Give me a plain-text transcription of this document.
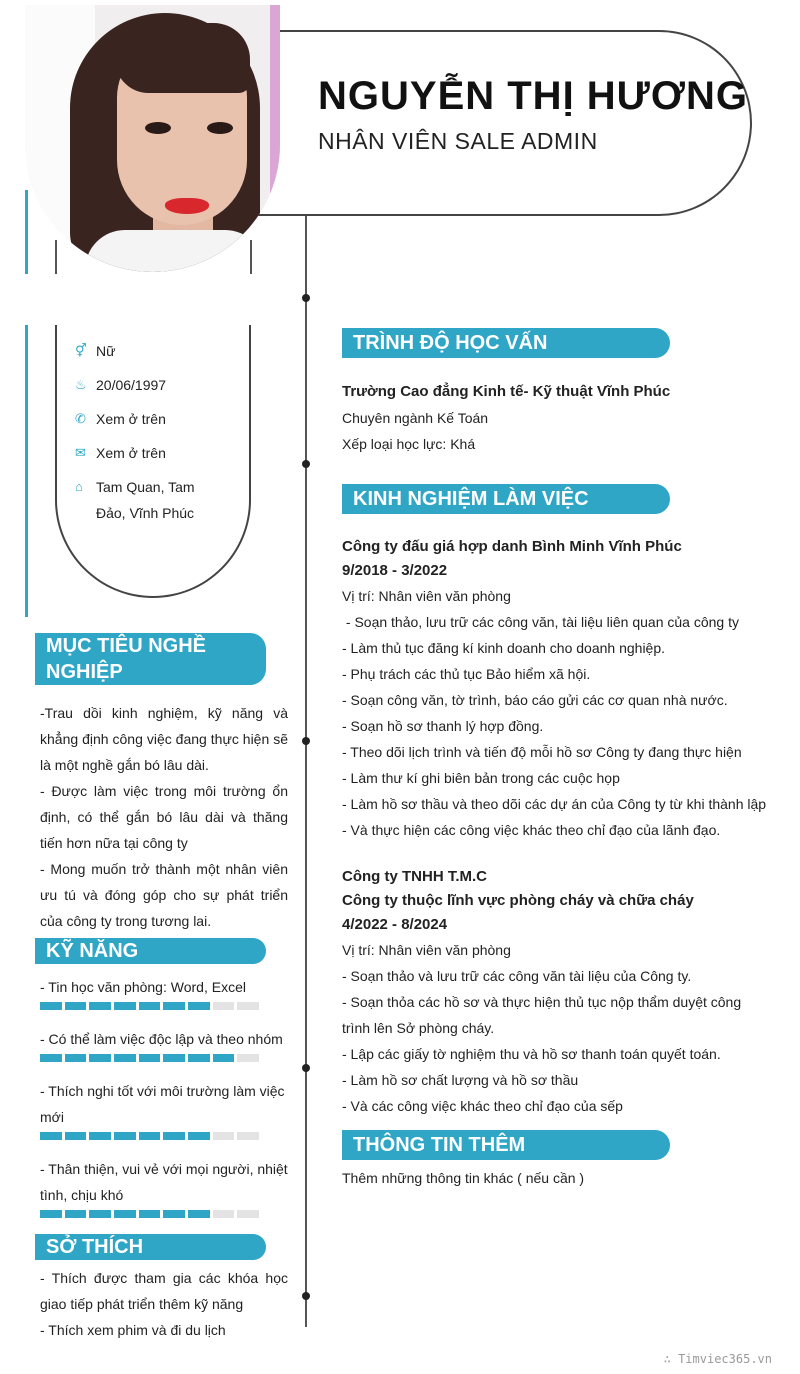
NGUYỄN THỊ HƯƠNG
NHÂN VIÊN SALE ADMIN
⚥ Nữ
♨ 20/06/1997
✆ Xem ở trên
✉ Xem ở trên
⌂ Tam Quan, Tam Đảo, Vĩnh Phúc
MỤC TIÊU NGHỀ NGHIỆP
-Trau dồi kinh nghiệm, kỹ năng và khẳng định công việc đang thực hiện sẽ là một nghề gắn bó lâu dài.
- Được làm việc trong môi trường ổn định, có thể gắn bó lâu dài và thăng tiến hơn nữa tại công ty
- Mong muốn trở thành một nhân viên ưu tú và đóng góp cho sự phát triển của công ty trong tương lai.
KỸ NĂNG
- Tin học văn phòng: Word, Excel
- Có thể làm việc độc lập và theo nhóm
- Thích nghi tốt với môi trường làm việc mới
- Thân thiện, vui vẻ với mọi người, nhiệt tình, chịu khó
SỞ THÍCH
- Thích được tham gia các khóa học giao tiếp phát triển thêm kỹ năng
- Thích xem phim và đi du lịch
TRÌNH ĐỘ HỌC VẤN
Trường Cao đẳng Kinh tế- Kỹ thuật Vĩnh Phúc
Chuyên ngành Kế Toán
Xếp loại học lực: Khá
KINH NGHIỆM LÀM VIỆC
Công ty đấu giá hợp danh Bình Minh Vĩnh Phúc
9/2018 - 3/2022
Vị trí: Nhân viên văn phòng
- Soạn thảo, lưu trữ các công văn, tài liệu liên quan của công ty
- Làm thủ tục đăng kí kinh doanh cho doanh nghiệp.
- Phụ trách các thủ tục Bảo hiểm xã hội.
- Soạn công văn, tờ trình, báo cáo gửi các cơ quan nhà nước.
- Soạn hồ sơ thanh lý hợp đồng.
- Theo dõi lịch trình và tiến độ mỗi hồ sơ Công ty đang thực hiện
- Làm thư kí ghi biên bản trong các cuộc họp
- Làm hồ sơ thầu và theo dõi các dự án của Công ty từ khi thành lập
- Và thực hiện các công việc khác theo chỉ đạo của lãnh đạo.
Công ty TNHH T.M.C
Công ty thuộc lĩnh vực phòng cháy và chữa cháy
4/2022 - 8/2024
Vị trí: Nhân viên văn phòng
- Soạn thảo và lưu trữ các công văn tài liệu của Công ty.
- Soạn thỏa các hồ sơ và thực hiện thủ tục nộp thẩm duyệt công trình lên Sở phòng cháy.
- Lập các giấy tờ nghiệm thu và hồ sơ thanh toán quyết toán.
- Làm hồ sơ chất lượng và hồ sơ thầu
- Và các công việc khác theo chỉ đạo của sếp
THÔNG TIN THÊM
Thêm những thông tin khác ( nếu cần )
∴ Timviec365.vn
